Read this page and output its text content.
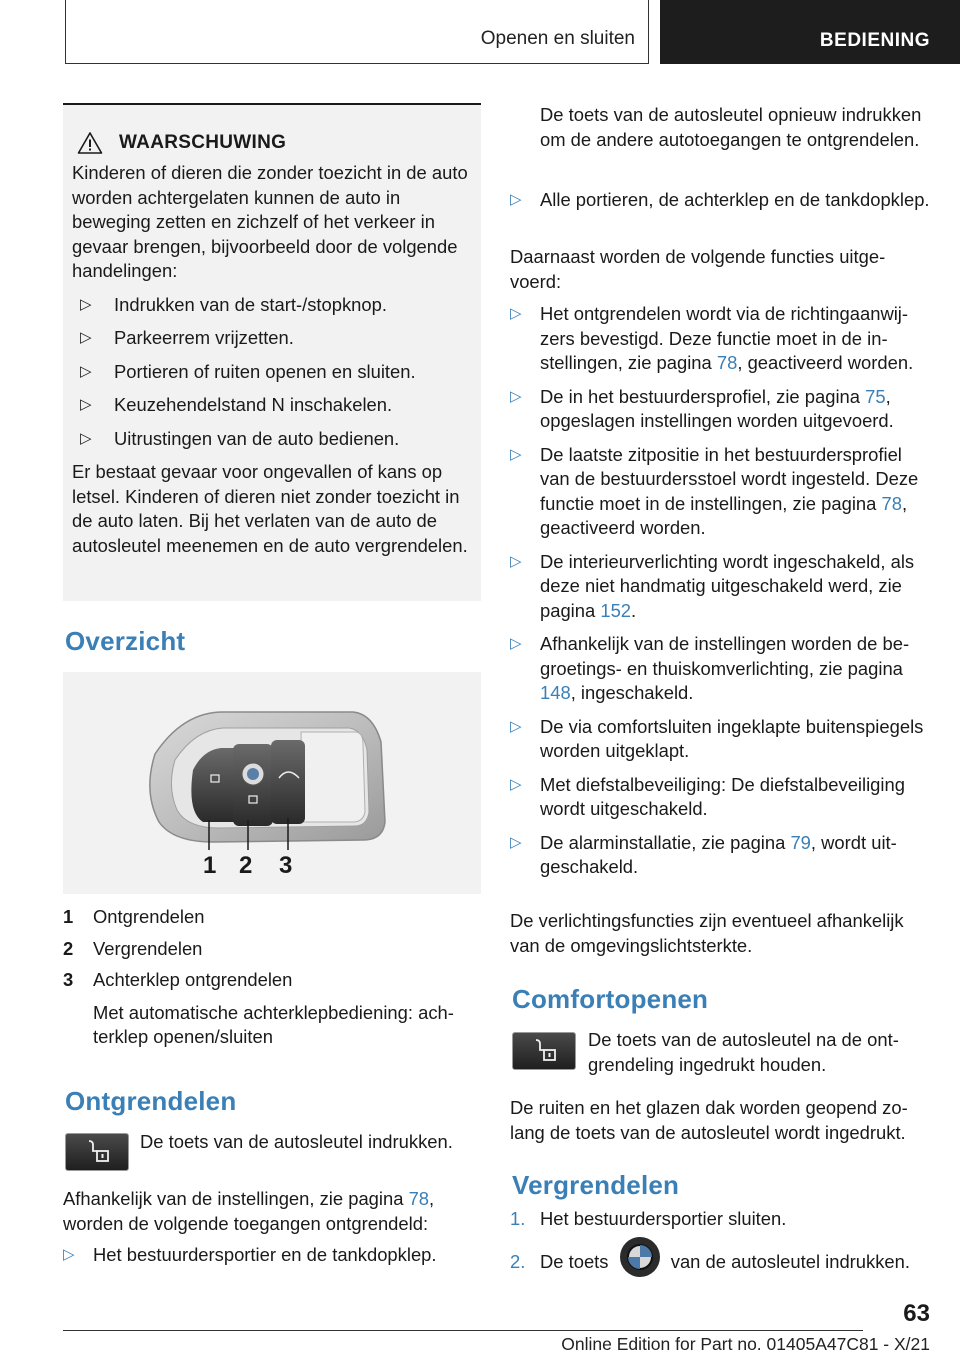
Openen en sluiten	BEDIENING
WAARSCHUWING

Kinderen of dieren die zonder toezicht in de auto worden achtergelaten kunnen de auto in beweging zetten en zichzelf of het verkeer in gevaar brengen, bijvoorbeeld door de volgende handelingen:

▷ Indrukken van de start-/stopknop.
▷ Parkeerrem vrijzetten.
▷ Portieren of ruiten openen en sluiten.
▷ Keuzehendelstand N inschakelen.
▷ Uitrustingen van de auto bedienen.

Er bestaat gevaar voor ongevallen of kans op letsel. Kinderen of dieren niet zonder toezicht in de auto laten. Bij het verlaten van de auto de autosleutel meenemen en de auto vergrendelen.

Overzicht
1 2 3
1	Ontgrendelen
2	Vergrendelen
3	Achterklep ontgrendelen
Met automatische achterklepbediening: achterklep openen/sluiten
Ontgrendelen

De toets van de autosleutel indrukken.

Afhankelijk van de instellingen, zie pagina 78, worden de volgende toegangen ontgrendeld:

▷ Het bestuurdersportier en de tankdopklep.

De toets van de autosleutel opnieuw indrukken om de andere autotoegangen te ontgrendelen.

▷ Alle portieren, de achterklep en de tankdopklep.

Daarnaast worden de volgende functies uitgevoerd:

▷ Het ontgrendelen wordt via de richtingaanwijzers bevestigd. Deze functie moet in de instellingen, zie pagina 78, geactiveerd worden.
▷ De in het bestuurdersprofiel, zie pagina 75, opgeslagen instellingen worden uitgevoerd.
▷ De laatste zitpositie in het bestuurdersprofiel van de bestuurdersstoel wordt ingesteld. Deze functie moet in de instellingen, zie pagina 78, geactiveerd worden.
▷ De interieurverlichting wordt ingeschakeld, als deze niet handmatig uitgeschakeld werd, zie pagina 152.
▷ Afhankelijk van de instellingen worden de begroetings- en thuiskomverlichting, zie pagina 148, ingeschakeld.
▷ De via comfortsluiten ingeklapte buitenspiegels worden uitgeklapt.
▷ Met diefstalbeveiliging: De diefstalbeveiliging wordt uitgeschakeld.
▷ De alarminstallatie, zie pagina 79, wordt uitgeschakeld.

De verlichtingsfuncties zijn eventueel afhankelijk van de omgevingslichtsterkte.

Comfortopenen

De toets van de autosleutel na de ontgrendeling ingedrukt houden.

De ruiten en het glazen dak worden geopend zolang de toets van de autosleutel wordt ingedrukt.

Vergrendelen
1. Het bestuurdersportier sluiten.
2. De toets	van de autosleutel indrukken.
63
Online Edition for Part no. 01405A47C81 - X/21
